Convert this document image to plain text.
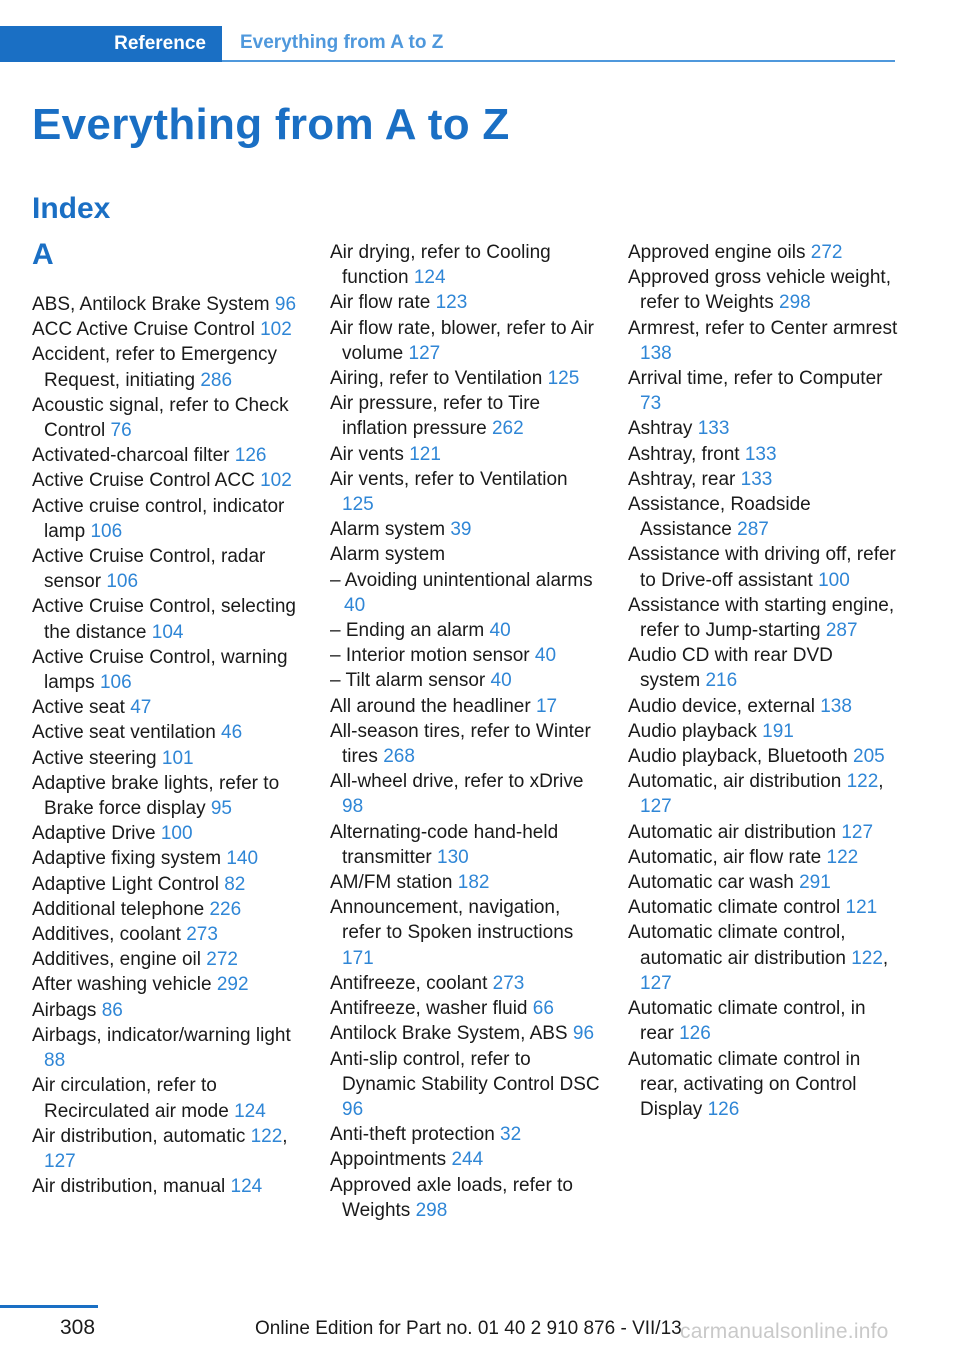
Reference	Everything from A to Z
Everything from A to Z
Index
A
ABS, Antilock Brake System 96
ACC Active Cruise Control 102
Accident, refer to Emergency Request, initiating 286
Acoustic signal, refer to Check Control 76
Activated-charcoal filter 126
Active Cruise Control ACC 102
Active cruise control, indicator lamp 106
Active Cruise Control, radar sensor 106
Active Cruise Control, selecting the distance 104
Active Cruise Control, warning lamps 106
Active seat 47
Active seat ventilation 46
Active steering 101
Adaptive brake lights, refer to Brake force display 95
Adaptive Drive 100
Adaptive fixing system 140
Adaptive Light Control 82
Additional telephone 226
Additives, coolant 273
Additives, engine oil 272
After washing vehicle 292
Airbags 86
Airbags, indicator/warning light 88
Air circulation, refer to Recirculated air mode 124
Air distribution, automatic 122, 127
Air distribution, manual 124
Air drying, refer to Cooling function 124
Air flow rate 123
Air flow rate, blower, refer to Air volume 127
Airing, refer to Ventilation 125
Air pressure, refer to Tire inflation pressure 262
Air vents 121
Air vents, refer to Ventilation 125
Alarm system 39
Alarm system
– Avoiding unintentional alarms 40
– Ending an alarm 40
– Interior motion sensor 40
– Tilt alarm sensor 40
All around the headliner 17
All-season tires, refer to Winter tires 268
All-wheel drive, refer to xDrive 98
Alternating-code hand-held transmitter 130
AM/FM station 182
Announcement, navigation, refer to Spoken instructions 171
Antifreeze, coolant 273
Antifreeze, washer fluid 66
Antilock Brake System, ABS 96
Anti-slip control, refer to Dynamic Stability Control DSC 96
Anti-theft protection 32
Appointments 244
Approved axle loads, refer to Weights 298
Approved engine oils 272
Approved gross vehicle weight, refer to Weights 298
Armrest, refer to Center armrest 138
Arrival time, refer to Computer 73
Ashtray 133
Ashtray, front 133
Ashtray, rear 133
Assistance, Roadside Assistance 287
Assistance with driving off, refer to Drive-off assistant 100
Assistance with starting engine, refer to Jump-starting 287
Audio CD with rear DVD system 216
Audio device, external 138
Audio playback 191
Audio playback, Bluetooth 205
Automatic, air distribution 122, 127
Automatic air distribution 127
Automatic, air flow rate 122
Automatic car wash 291
Automatic climate control 121
Automatic climate control, automatic air distribution 122, 127
Automatic climate control, in rear 126
Automatic climate control in rear, activating on Control Display 126
308	Online Edition for Part no. 01 40 2 910 876 - VII/13
carmanualsonline.info
